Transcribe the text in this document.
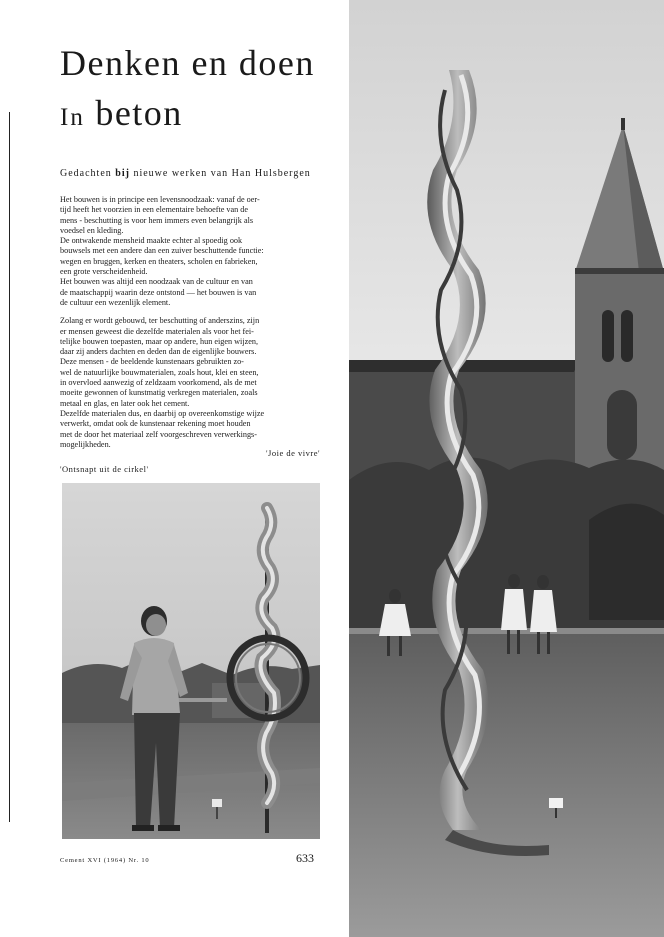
Denken en doen
In beton

Gedachten bij nieuwe werken van Han Hulsbergen

Het bouwen is in principe een levensnoodzaak: vanaf de oer-
tijd heeft het voorzien in een elementaire behoefte van de
mens - beschutting is voor hem immers even belangrijk als
voedsel en kleding.
De ontwakende mensheid maakte echter al spoedig ook
bouwsels met een andere dan een zuiver beschuttende functie:
wegen en bruggen, kerken en theaters, scholen en fabrieken,
een grote verscheidenheid.

Het bouwen was altijd een noodzaak van de cultuur en van
de maatschappij waarin deze ontstond — het bouwen is van
de cultuur een wezenlijk element.

Zolang er wordt gebouwd, ter beschutting of anderszins, zijn
er mensen geweest die dezelfde materialen als voor het fei-
telijke bouwen toepasten, maar op andere, hun eigen wijzen,
daar zij anders dachten en deden dan de eigenlijke bouwers.
Deze mensen - de beeldende kunstenaars gebruikten zo-
wel de natuurlijke bouwmaterialen, zoals hout, klei en steen,
in overvloed aanwezig of zeldzaam voorkomend, als de met
moeite gewonnen of kunstmatig verkregen materialen, zoals
metaal en glas, en later ook het cement.
Dezelfde materialen dus, en daarbij op overeenkomstige wijze
verwerkt, omdat ook de kunstenaar rekening moet houden
met de door het materiaal zelf voorgeschreven verwerkings-
mogelijkheden.

'Joie de vivre'
'Ontsnapt uit de cirkel'
Cement XVI (1964) Nr. 10	633
